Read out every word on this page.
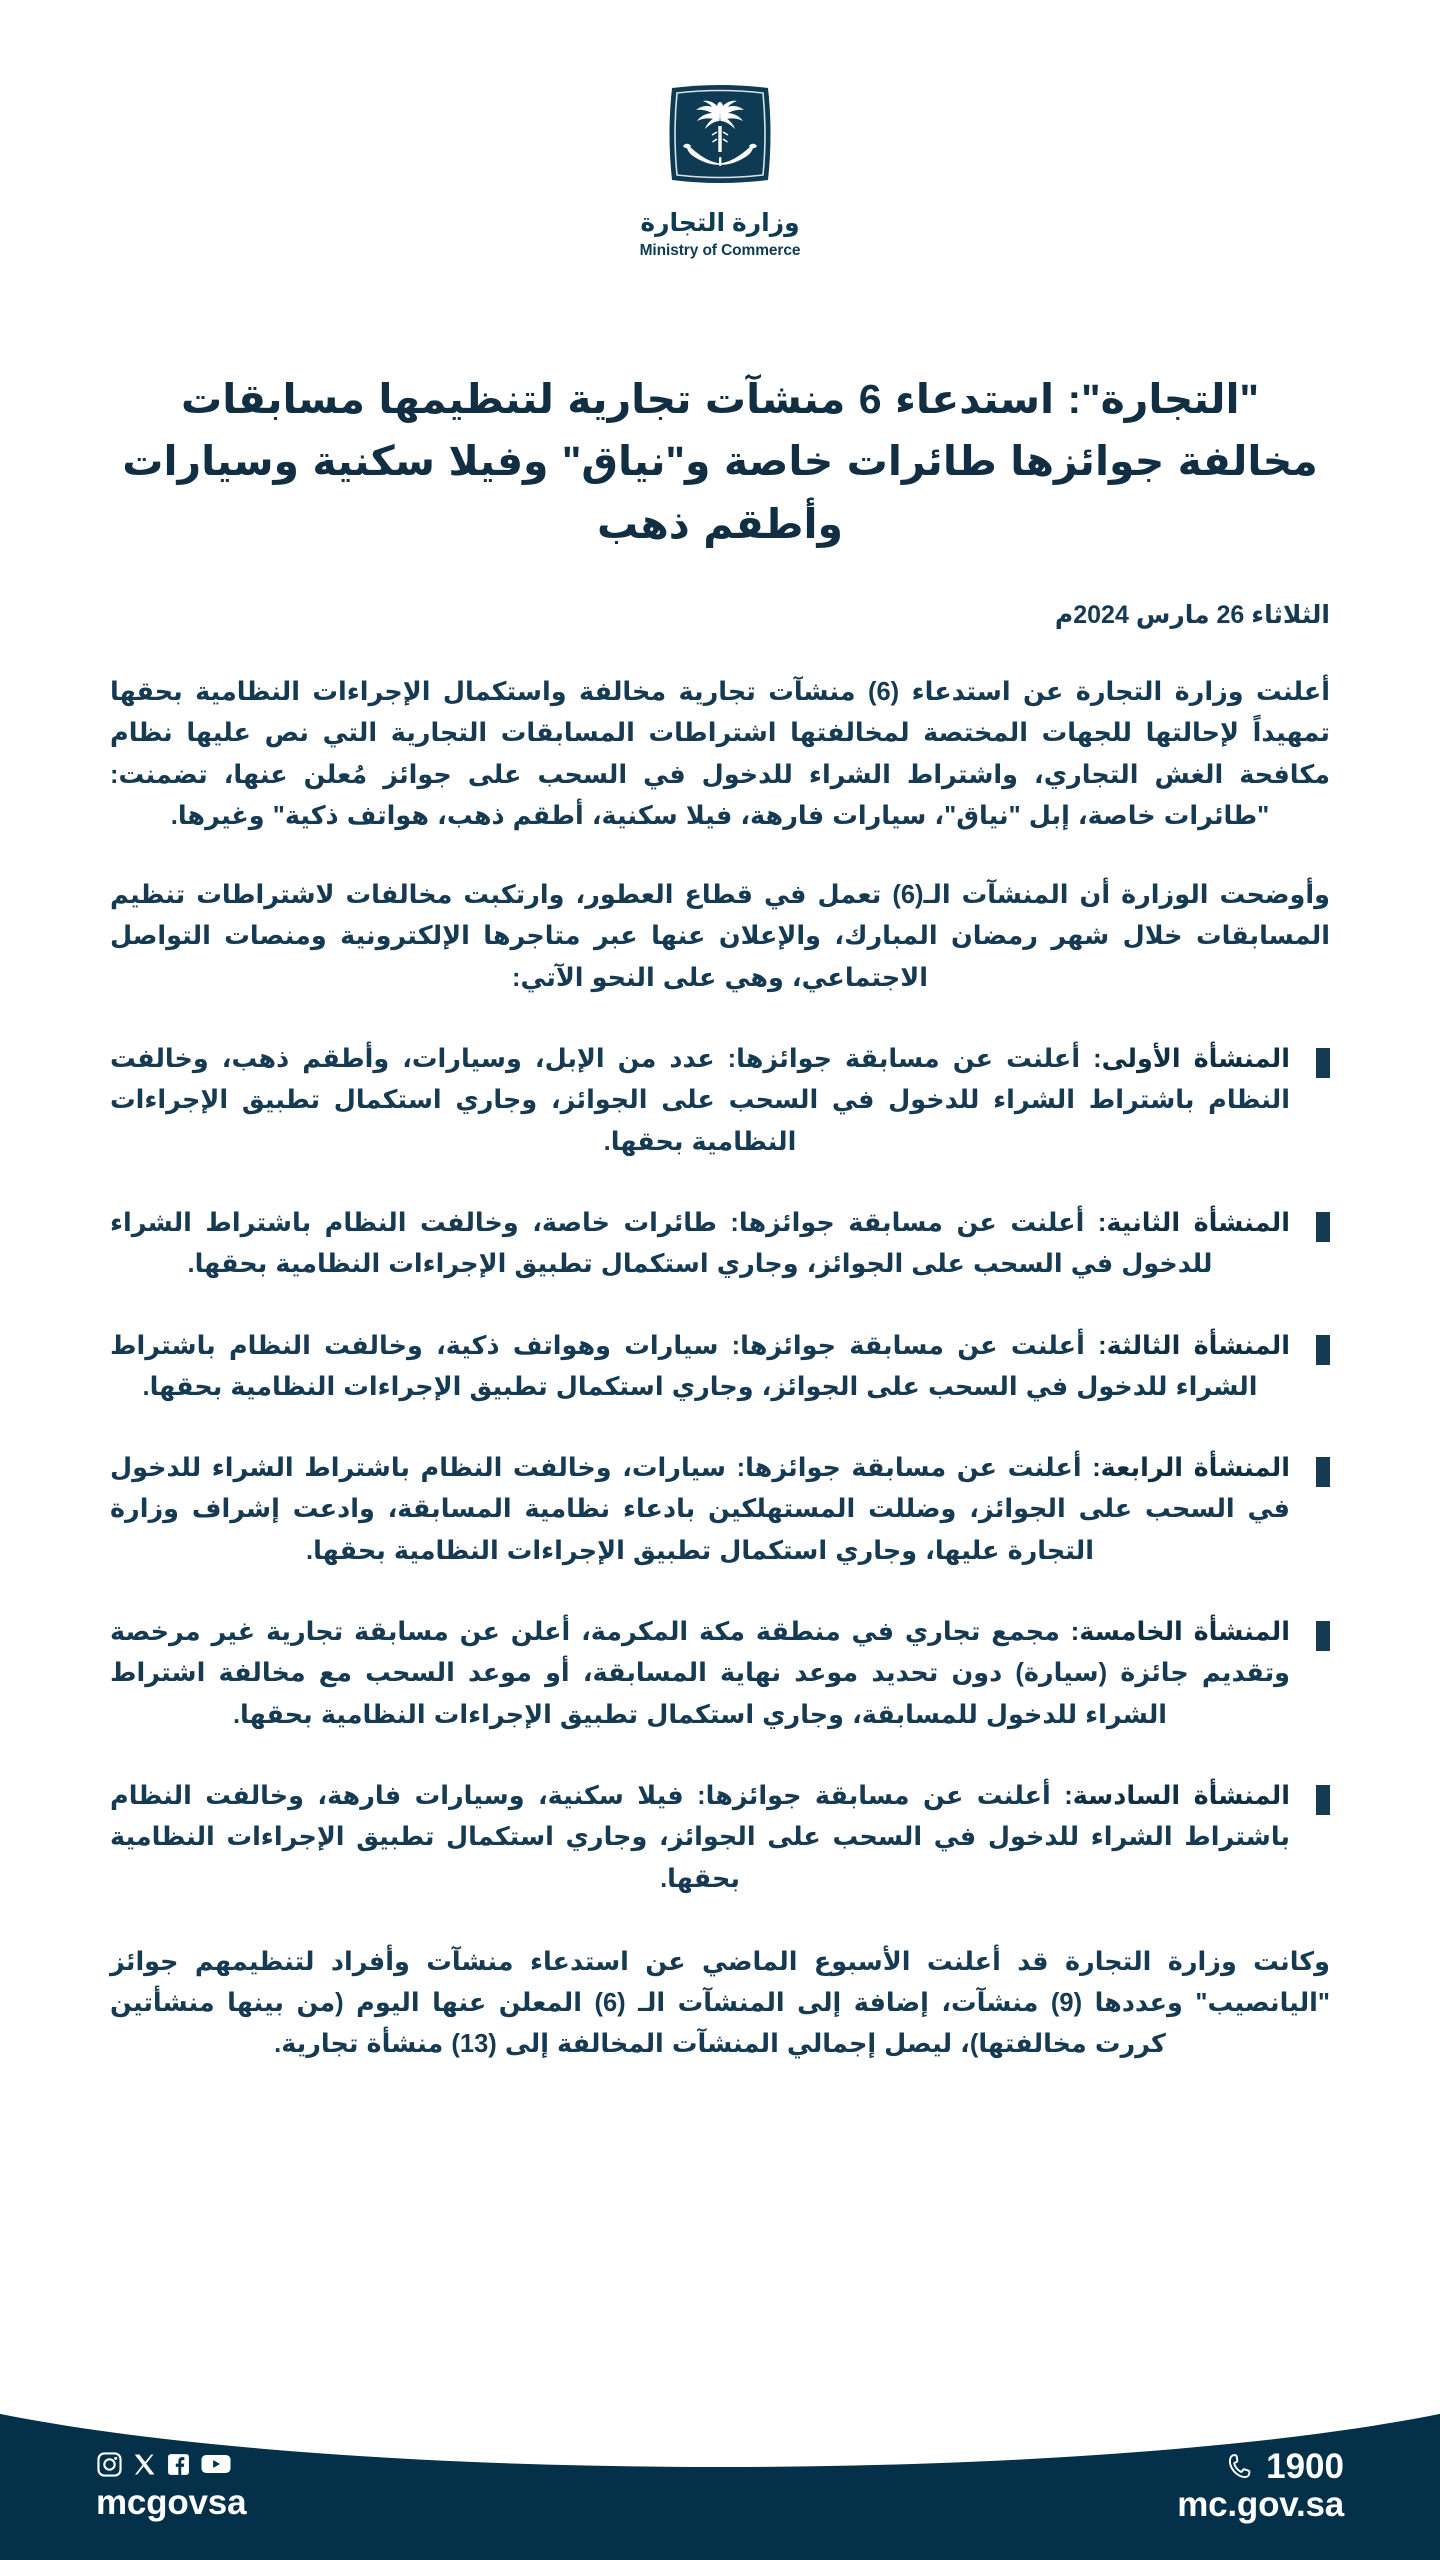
وزارة التجارة
Ministry of Commerce
"التجارة": استدعاء 6 منشآت تجارية لتنظيمها مسابقات مخالفة جوائزها طائرات خاصة و"نياق" وفيلا سكنية وسيارات وأطقم ذهب
الثلاثاء 26 مارس 2024م

أعلنت وزارة التجارة عن استدعاء (6) منشآت تجارية مخالفة واستكمال الإجراءات النظامية بحقها تمهيداً لإحالتها للجهات المختصة لمخالفتها اشتراطات المسابقات التجارية التي نص عليها نظام مكافحة الغش التجاري، واشتراط الشراء للدخول في السحب على جوائز مُعلن عنها، تضمنت: "طائرات خاصة، إبل "نياق"، سيارات فارهة، فيلا سكنية، أطقم ذهب، هواتف ذكية" وغيرها.

وأوضحت الوزارة أن المنشآت الـ(6) تعمل في قطاع العطور، وارتكبت مخالفات لاشتراطات تنظيم المسابقات خلال شهر رمضان المبارك، والإعلان عنها عبر متاجرها الإلكترونية ومنصات التواصل الاجتماعي، وهي على النحو الآتي:

المنشأة الأولى: أعلنت عن مسابقة جوائزها: عدد من الإبل، وسيارات، وأطقم ذهب، وخالفت النظام باشتراط الشراء للدخول في السحب على الجوائز، وجاري استكمال تطبيق الإجراءات النظامية بحقها.
المنشأة الثانية: أعلنت عن مسابقة جوائزها: طائرات خاصة، وخالفت النظام باشتراط الشراء للدخول في السحب على الجوائز، وجاري استكمال تطبيق الإجراءات النظامية بحقها.
المنشأة الثالثة: أعلنت عن مسابقة جوائزها: سيارات وهواتف ذكية، وخالفت النظام باشتراط الشراء للدخول في السحب على الجوائز، وجاري استكمال تطبيق الإجراءات النظامية بحقها.
المنشأة الرابعة: أعلنت عن مسابقة جوائزها: سيارات، وخالفت النظام باشتراط الشراء للدخول في السحب على الجوائز، وضللت المستهلكين بادعاء نظامية المسابقة، وادعت إشراف وزارة التجارة عليها، وجاري استكمال تطبيق الإجراءات النظامية بحقها.
المنشأة الخامسة: مجمع تجاري في منطقة مكة المكرمة، أعلن عن مسابقة تجارية غير مرخصة وتقديم جائزة (سيارة) دون تحديد موعد نهاية المسابقة، أو موعد السحب مع مخالفة اشتراط الشراء للدخول للمسابقة، وجاري استكمال تطبيق الإجراءات النظامية بحقها.
المنشأة السادسة: أعلنت عن مسابقة جوائزها: فيلا سكنية، وسيارات فارهة، وخالفت النظام باشتراط الشراء للدخول في السحب على الجوائز، وجاري استكمال تطبيق الإجراءات النظامية بحقها.

وكانت وزارة التجارة قد أعلنت الأسبوع الماضي عن استدعاء منشآت وأفراد لتنظيمهم جوائز "اليانصيب" وعددها (9) منشآت، إضافة إلى المنشآت الـ (6) المعلن عنها اليوم (من بينها منشأتين كررت مخالفتها)، ليصل إجمالي المنشآت المخالفة إلى (13) منشأة تجارية.

mcgovsa
1900
mc.gov.sa
